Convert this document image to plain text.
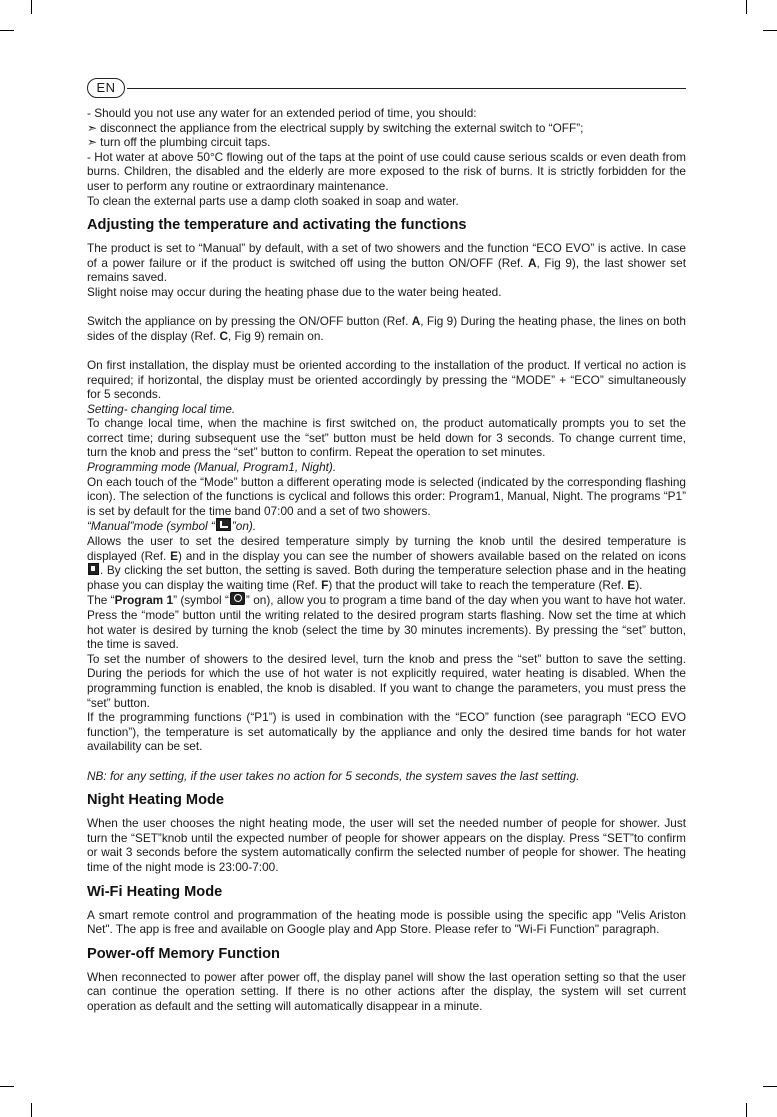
EN

- Should you not use any water for an extended period of time, you should:

➣ disconnect the appliance from the electrical supply by switching the external switch to “OFF”;

➣ turn off the plumbing circuit taps.

- Hot water at above 50°C flowing out of the taps at the point of use could cause serious scalds or even death from burns. Children, the disabled and the elderly are more exposed to the risk of burns. It is strictly forbidden for the user to perform any routine or extraordinary maintenance.

To clean the external parts use a damp cloth soaked in soap and water.

Adjusting the temperature and activating the functions

The product is set to “Manual” by default, with a set of two showers and the function “ECO EVO” is active. In case of a power failure or if the product is switched off using the button ON/OFF (Ref. A, Fig 9), the last shower set remains saved.

Slight noise may occur during the heating phase due to the water being heated.

Switch the appliance on by pressing the ON/OFF button (Ref. A, Fig 9) During the heating phase, the lines on both sides of the display (Ref. C, Fig 9) remain on.

On first installation, the display must be oriented according to the installation of the product. If vertical no action is required; if horizontal, the display must be oriented accordingly by pressing the “MODE” + “ECO” simultaneously for 5 seconds.

Setting- changing local time.

To change local time, when the machine is first switched on, the product automatically prompts you to set the correct time; during subsequent use the “set” button must be held down for 3 seconds. To change current time, turn the knob and press the “set” button to confirm. Repeat the operation to set minutes.

Programming mode (Manual, Program1, Night).

On each touch of the “Mode” button a different operating mode is selected (indicated by the corresponding flashing icon). The selection of the functions is cyclical and follows this order: Program1, Manual, Night. The programs “P1” is set by default for the time band 07:00 and a set of two showers.

“Manual”mode (symbol “ ”on).

Allows the user to set the desired temperature simply by turning the knob until the desired temperature is displayed (Ref. E) and in the display you can see the number of showers available based on the related on icons . By clicking the set button, the setting is saved. Both during the temperature selection phase and in the heating phase you can display the waiting time (Ref. F) that the product will take to reach the temperature (Ref. E).

The “Program 1” (symbol “ ” on), allow you to program a time band of the day when you want to have hot water. Press the “mode” button until the writing related to the desired program starts flashing. Now set the time at which hot water is desired by turning the knob (select the time by 30 minutes increments). By pressing the “set” button, the time is saved.

To set the number of showers to the desired level, turn the knob and press the “set” button to save the setting. During the periods for which the use of hot water is not explicitly required, water heating is disabled. When the programming function is enabled, the knob is disabled. If you want to change the parameters, you must press the “set” button.

If the programming functions (“P1”) is used in combination with the “ECO” function (see paragraph “ECO EVO function”), the temperature is set automatically by the appliance and only the desired time bands for hot water availability can be set.

NB: for any setting, if the user takes no action for 5 seconds, the system saves the last setting.

Night Heating Mode

When the user chooses the night heating mode, the user will set the needed number of people for shower. Just turn the “SET”knob until the expected number of people for shower appears on the display. Press “SET”to confirm or wait 3 seconds before the system automatically confirm the selected number of people for shower. The heating time of the night mode is 23:00-7:00.

Wi-Fi Heating Mode

A smart remote control and programmation of the heating mode is possible using the specific app "Velis Ariston Net". The app is free and available on Google play and App Store. Please refer to "Wi-Fi Function" paragraph.

Power-off Memory Function

When reconnected to power after power off, the display panel will show the last operation setting so that the user can continue the operation setting. If there is no other actions after the display, the system will set current operation as default and the setting will automatically disappear in a minute.
